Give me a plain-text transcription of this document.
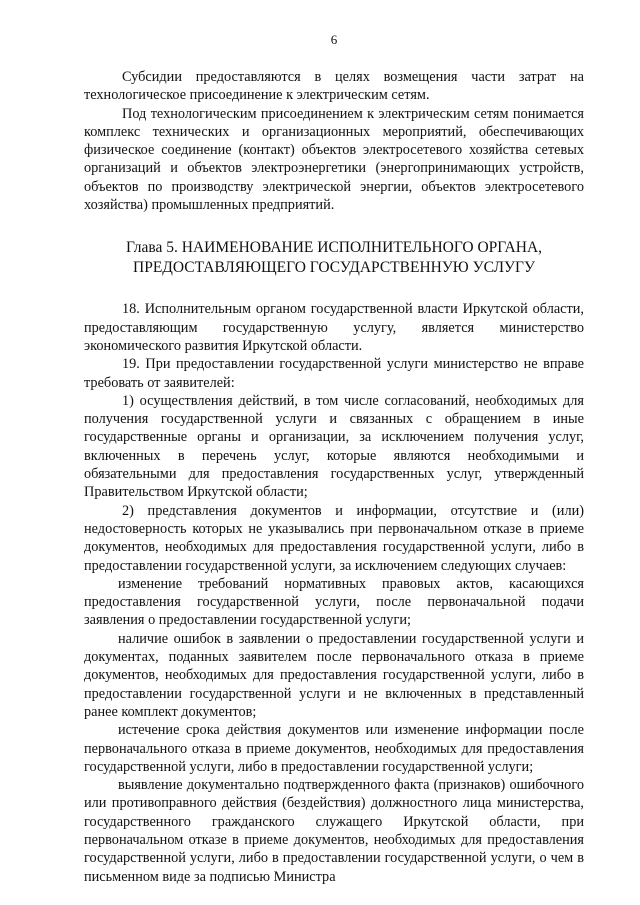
6

Субсидии предоставляются в целях возмещения части затрат на технологическое присоединение к электрическим сетям.

Под технологическим присоединением к электрическим сетям понимается комплекс технических и организационных мероприятий, обеспечивающих физическое соединение (контакт) объектов электросетевого хозяйства сетевых организаций и объектов электроэнергетики (энергопринимающих устройств, объектов по производству электрической энергии, объектов электросетевого хозяйства) промышленных предприятий.

Глава 5. НАИМЕНОВАНИЕ ИСПОЛНИТЕЛЬНОГО ОРГАНА,
ПРЕДОСТАВЛЯЮЩЕГО ГОСУДАРСТВЕННУЮ УСЛУГУ

18. Исполнительным органом государственной власти Иркутской области, предоставляющим государственную услугу, является министерство экономического развития Иркутской области.

19. При предоставлении государственной услуги министерство не вправе требовать от заявителей:

1) осуществления действий, в том числе согласований, необходимых для получения государственной услуги и связанных с обращением в иные государственные органы и организации, за исключением получения услуг, включенных в перечень услуг, которые являются необходимыми и обязательными для предоставления государственных услуг, утвержденный Правительством Иркутской области;

2) представления документов и информации, отсутствие и (или) недостоверность которых не указывались при первоначальном отказе в приеме документов, необходимых для предоставления государственной услуги, либо в предоставлении государственной услуги, за исключением следующих случаев:

изменение требований нормативных правовых актов, касающихся предоставления государственной услуги, после первоначальной подачи заявления о предоставлении государственной услуги;

наличие ошибок в заявлении о предоставлении государственной услуги и документах, поданных заявителем после первоначального отказа в приеме документов, необходимых для предоставления государственной услуги, либо в предоставлении государственной услуги и не включенных в представленный ранее комплект документов;

истечение срока действия документов или изменение информации после первоначального отказа в приеме документов, необходимых для предоставления государственной услуги, либо в предоставлении государственной услуги;

выявление документально подтвержденного факта (признаков) ошибочного или противоправного действия (бездействия) должностного лица министерства, государственного гражданского служащего Иркутской области, при первоначальном отказе в приеме документов, необходимых для предоставления государственной услуги, либо в предоставлении государственной услуги, о чем в письменном виде за подписью Министра
